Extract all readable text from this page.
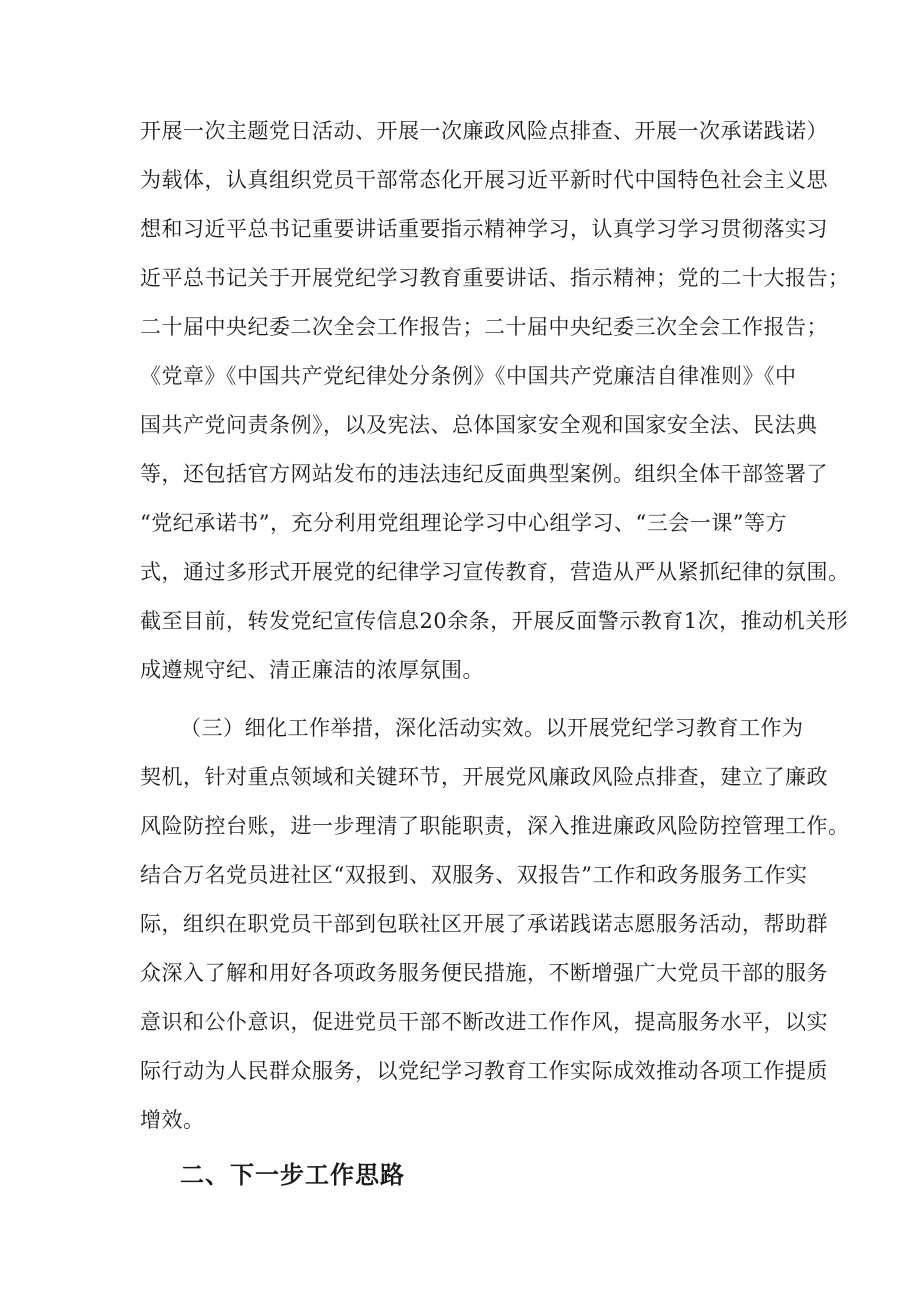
开展一次主题党日活动、开展一次廉政风险点排查、开展一次承诺践诺）
为载体，认真组织党员干部常态化开展习近平新时代中国特色社会主义思
想和习近平总书记重要讲话重要指示精神学习，认真学习学习贯彻落实习
近平总书记关于开展党纪学习教育重要讲话、指示精神；党的二十大报告；
二十届中央纪委二次全会工作报告；二十届中央纪委三次全会工作报告；
《党章》《中国共产党纪律处分条例》《中国共产党廉洁自律准则》《中
国共产党问责条例》，以及宪法、总体国家安全观和国家安全法、民法典
等，还包括官方网站发布的违法违纪反面典型案例。组织全体干部签署了
“党纪承诺书”，充分利用党组理论学习中心组学习、“三会一课”等方
式，通过多形式开展党的纪律学习宣传教育，营造从严从紧抓纪律的氛围。
截至目前，转发党纪宣传信息20余条，开展反面警示教育1次，推动机关形
成遵规守纪、清正廉洁的浓厚氛围。
（三）细化工作举措，深化活动实效。以开展党纪学习教育工作为
契机，针对重点领域和关键环节，开展党风廉政风险点排查，建立了廉政
风险防控台账，进一步理清了职能职责，深入推进廉政风险防控管理工作。
结合万名党员进社区“双报到、双服务、双报告”工作和政务服务工作实
际，组织在职党员干部到包联社区开展了承诺践诺志愿服务活动，帮助群
众深入了解和用好各项政务服务便民措施，不断增强广大党员干部的服务
意识和公仆意识，促进党员干部不断改进工作作风，提高服务水平，以实
际行动为人民群众服务，以党纪学习教育工作实际成效推动各项工作提质
增效。
二、下一步工作思路
